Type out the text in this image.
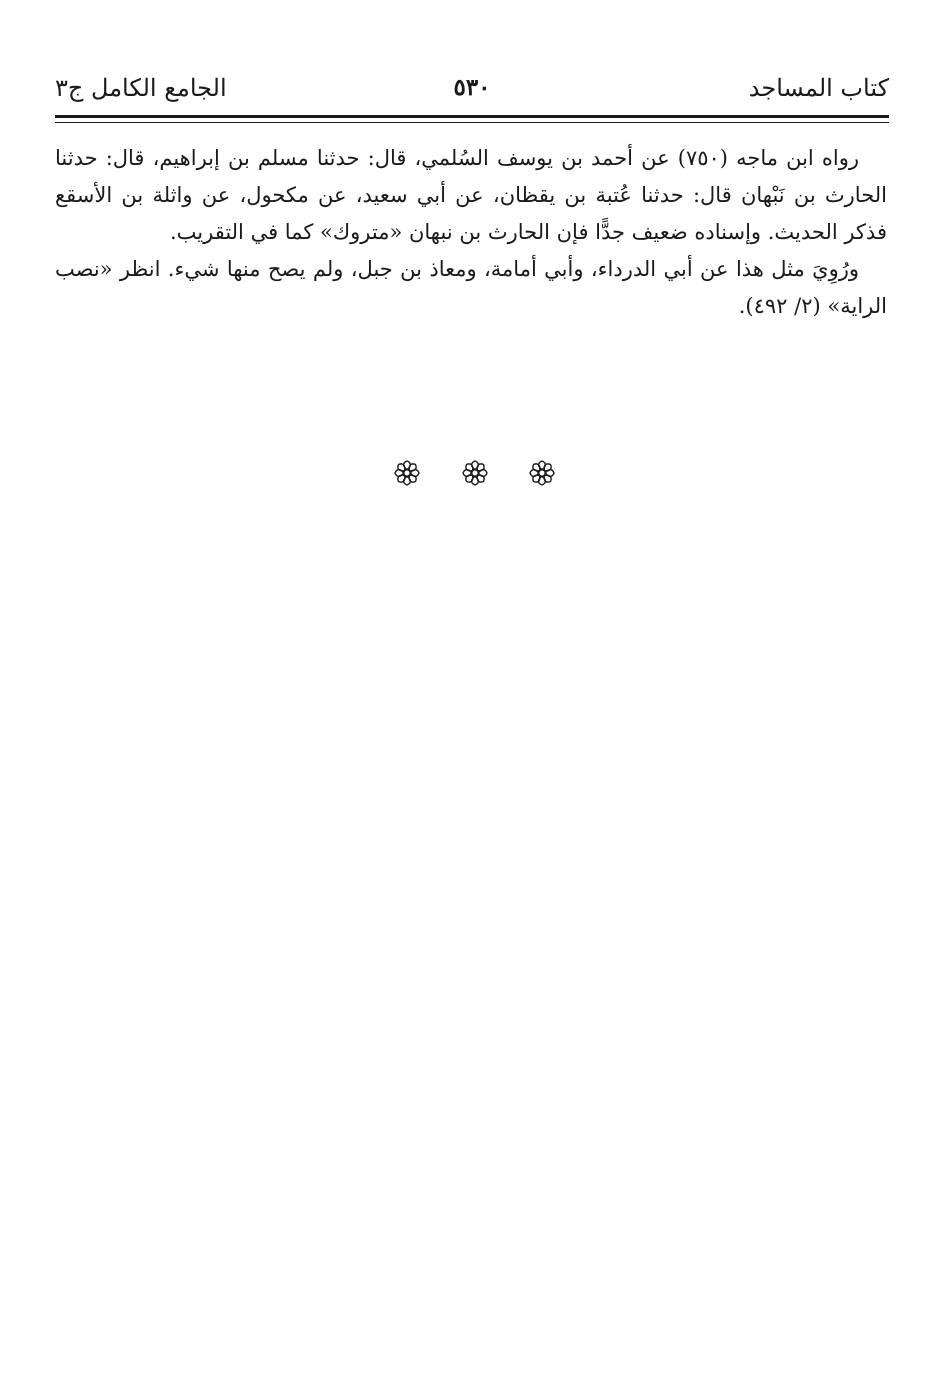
كتاب المساجد
٥٣٠
الجامع الكامل ج٣

رواه ابن ماجه (٧٥٠) عن أحمد بن يوسف السُلمي، قال: حدثنا مسلم بن إبراهيم، قال: حدثنا الحارث بن نَبْهان قال: حدثنا عُتبة بن يقظان، عن أبي سعيد، عن مكحول، عن واثلة بن الأسقع فذكر الحديث. وإسناده ضعيف جدًّا فإن الحارث بن نبهان «متروك» كما في التقريب.

ورُوِيَ مثل هذا عن أبي الدرداء، وأبي أمامة، ومعاذ بن جبل، ولم يصح منها شيء. انظر «نصب الراية» (٢/ ٤٩٢).
